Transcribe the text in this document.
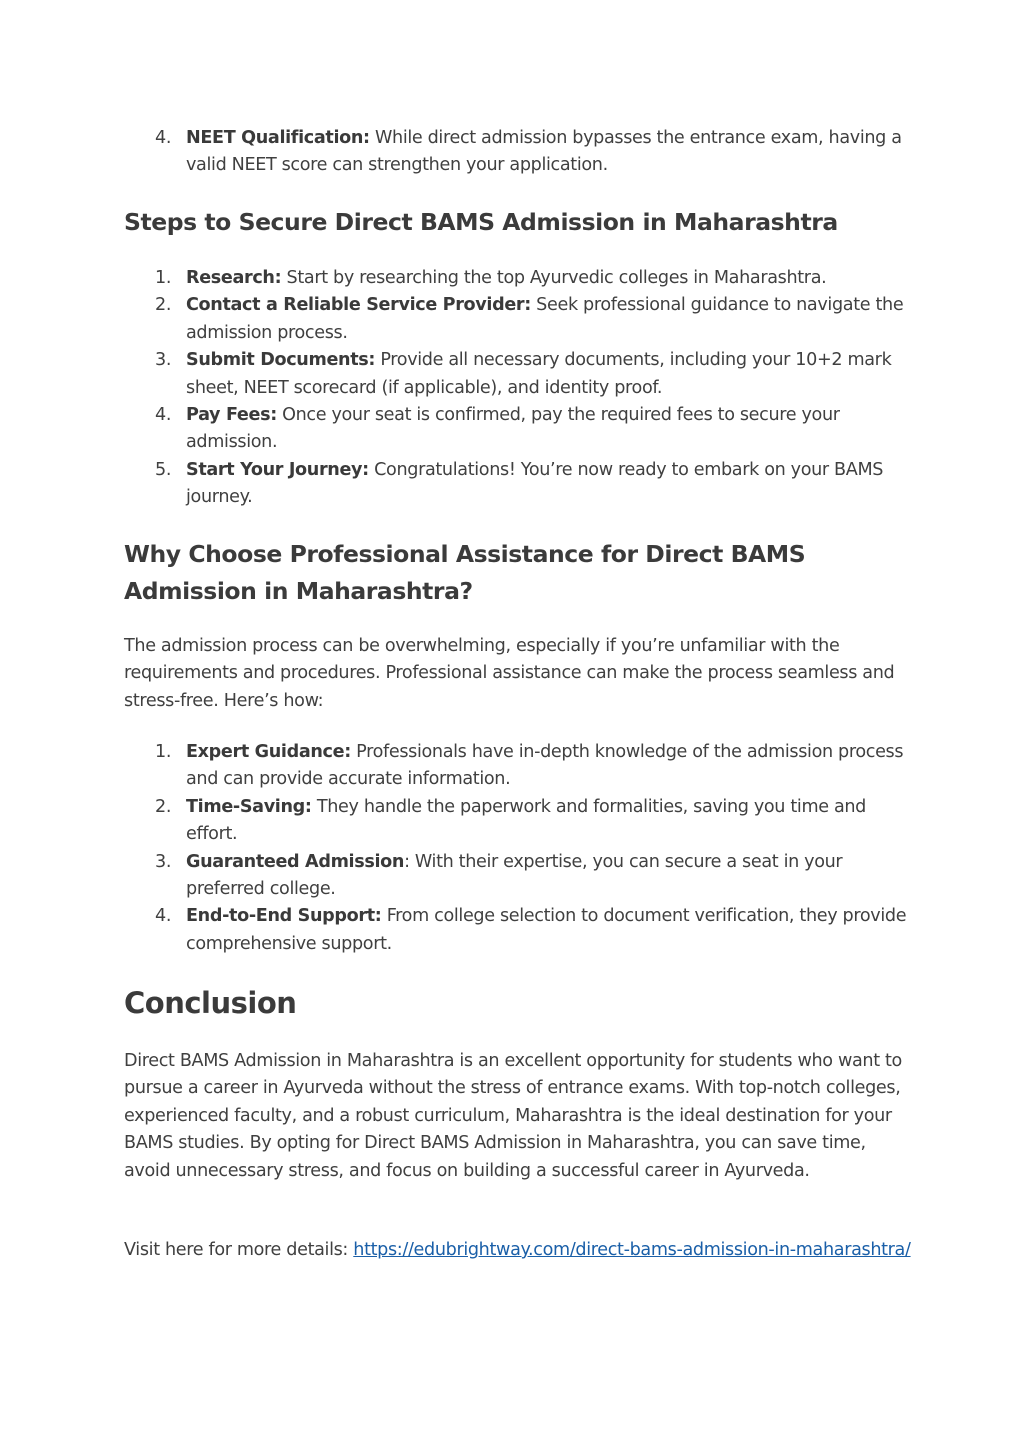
4. NEET Qualification: While direct admission bypasses the entrance exam, having a valid NEET score can strengthen your application.
Steps to Secure Direct BAMS Admission in Maharashtra
1. Research: Start by researching the top Ayurvedic colleges in Maharashtra.
2. Contact a Reliable Service Provider: Seek professional guidance to navigate the admission process.
3. Submit Documents: Provide all necessary documents, including your 10+2 mark sheet, NEET scorecard (if applicable), and identity proof.
4. Pay Fees: Once your seat is confirmed, pay the required fees to secure your admission.
5. Start Your Journey: Congratulations! You’re now ready to embark on your BAMS journey.
Why Choose Professional Assistance for Direct BAMS Admission in Maharashtra?

The admission process can be overwhelming, especially if you’re unfamiliar with the requirements and procedures. Professional assistance can make the process seamless and stress-free. Here’s how:

1. Expert Guidance: Professionals have in-depth knowledge of the admission process and can provide accurate information.
2. Time-Saving: They handle the paperwork and formalities, saving you time and effort.
3. Guaranteed Admission: With their expertise, you can secure a seat in your preferred college.
4. End-to-End Support: From college selection to document verification, they provide comprehensive support.
Conclusion

Direct BAMS Admission in Maharashtra is an excellent opportunity for students who want to pursue a career in Ayurveda without the stress of entrance exams. With top-notch colleges, experienced faculty, and a robust curriculum, Maharashtra is the ideal destination for your BAMS studies. By opting for Direct BAMS Admission in Maharashtra, you can save time, avoid unnecessary stress, and focus on building a successful career in Ayurveda.

Visit here for more details: https://edubrightway.com/direct-bams-admission-in-maharashtra/
